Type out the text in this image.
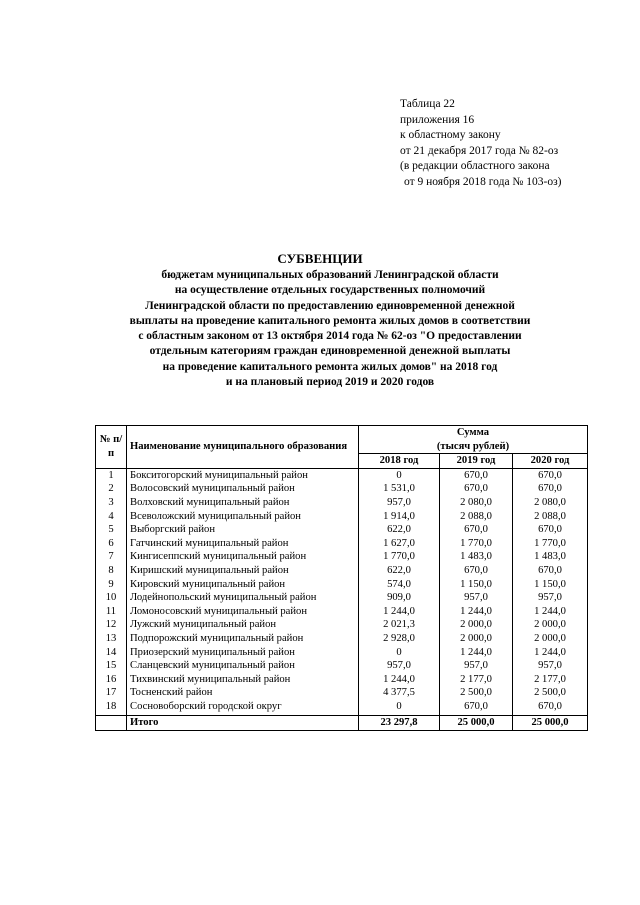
Таблица 22
приложения 16
к областному закону
от 21 декабря 2017 года № 82-оз
(в редакции областного закона
от 9 ноября 2018 года № 103-оз)
СУБВЕНЦИИ
бюджетам муниципальных образований Ленинградской области
на осуществление отдельных государственных полномочий
Ленинградской области по предоставлению единовременной денежной
выплаты на проведение капитального ремонта жилых домов в соответствии
с областным законом от 13 октября 2014 года № 62-оз "О предоставлении
отдельным категориям граждан единовременной денежной выплаты
на проведение капитального ремонта жилых домов" на 2018 год
и на плановый период 2019 и 2020 годов
№ п/п	Наименование муниципального образования	Сумма
(тысяч рублей)		

		2018 год	2019 год	2020 год
1	Бокситогорский муниципальный район	0	670,0	670,0
2	Волосовский муниципальный район	1 531,0	670,0	670,0
3	Волховский муниципальный район	957,0	2 080,0	2 080,0
4	Всеволожский муниципальный район	1 914,0	2 088,0	2 088,0
5	Выборгский район	622,0	670,0	670,0
6	Гатчинский муниципальный район	1 627,0	1 770,0	1 770,0
7	Кингисеппский муниципальный район	1 770,0	1 483,0	1 483,0
8	Киришский муниципальный район	622,0	670,0	670,0
9	Кировский муниципальный район	574,0	1 150,0	1 150,0
10	Лодейнопольский муниципальный район	909,0	957,0	957,0
11	Ломоносовский муниципальный район	1 244,0	1 244,0	1 244,0
12	Лужский муниципальный район	2 021,3	2 000,0	2 000,0
13	Подпорожский муниципальный район	2 928,0	2 000,0	2 000,0
14	Приозерский муниципальный район	0	1 244,0	1 244,0
15	Сланцевский муниципальный район	957,0	957,0	957,0
16	Тихвинский муниципальный район	1 244,0	2 177,0	2 177,0
17	Тосненский район	4 377,5	2 500,0	2 500,0
18	Сосновоборский городской округ	0	670,0	670,0
	Итого	23 297,8	25 000,0	25 000,0
